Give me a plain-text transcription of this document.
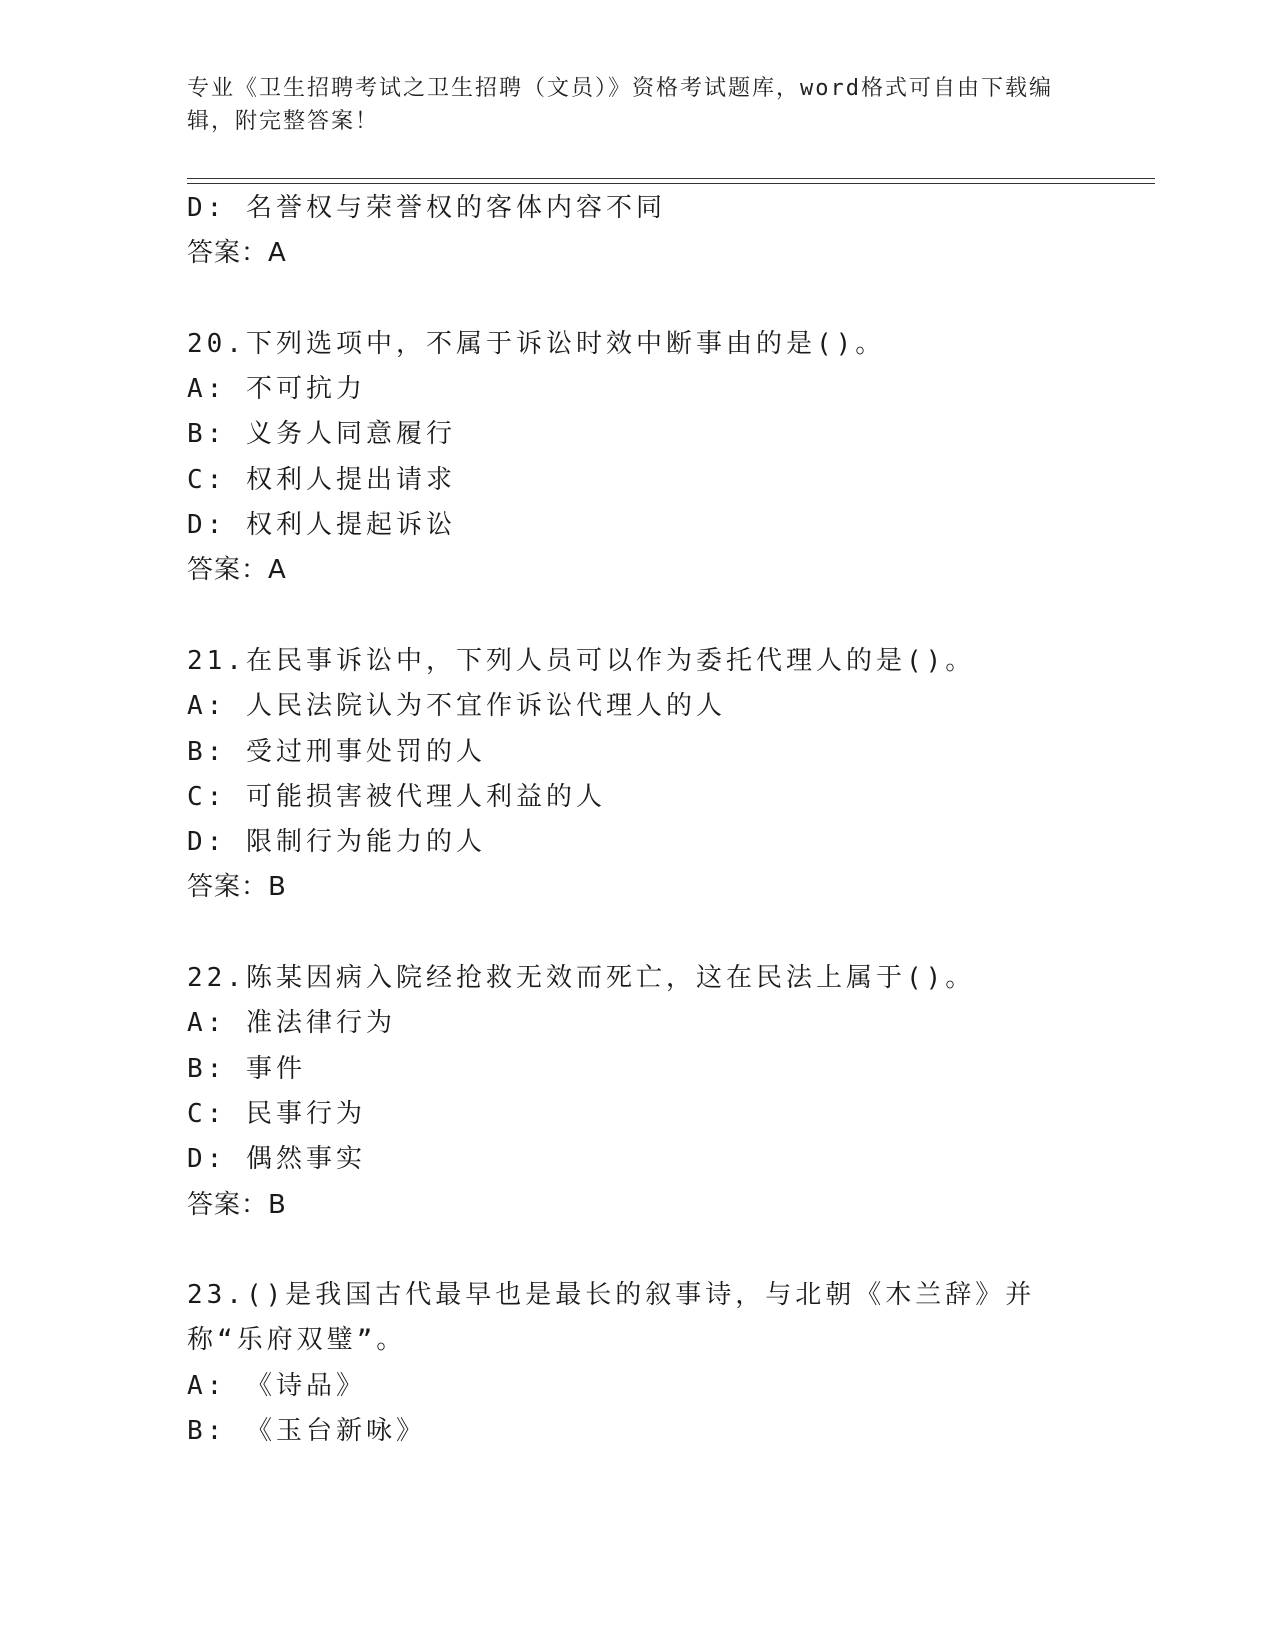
专业《卫生招聘考试之卫生招聘（文员）》资格考试题库，word格式可自由下载编辑，附完整答案！
D: 名誉权与荣誉权的客体内容不同
答案：A
20.下列选项中，不属于诉讼时效中断事由的是()。
A: 不可抗力
B: 义务人同意履行
C: 权利人提出请求
D: 权利人提起诉讼
答案：A
21.在民事诉讼中，下列人员可以作为委托代理人的是()。
A: 人民法院认为不宜作诉讼代理人的人
B: 受过刑事处罚的人
C: 可能损害被代理人利益的人
D: 限制行为能力的人
答案：B
22.陈某因病入院经抢救无效而死亡，这在民法上属于()。
A: 准法律行为
B: 事件
C: 民事行为
D: 偶然事实
答案：B
23.()是我国古代最早也是最长的叙事诗，与北朝《木兰辞》并称“乐府双璧”。
A: 《诗品》
B: 《玉台新咏》
